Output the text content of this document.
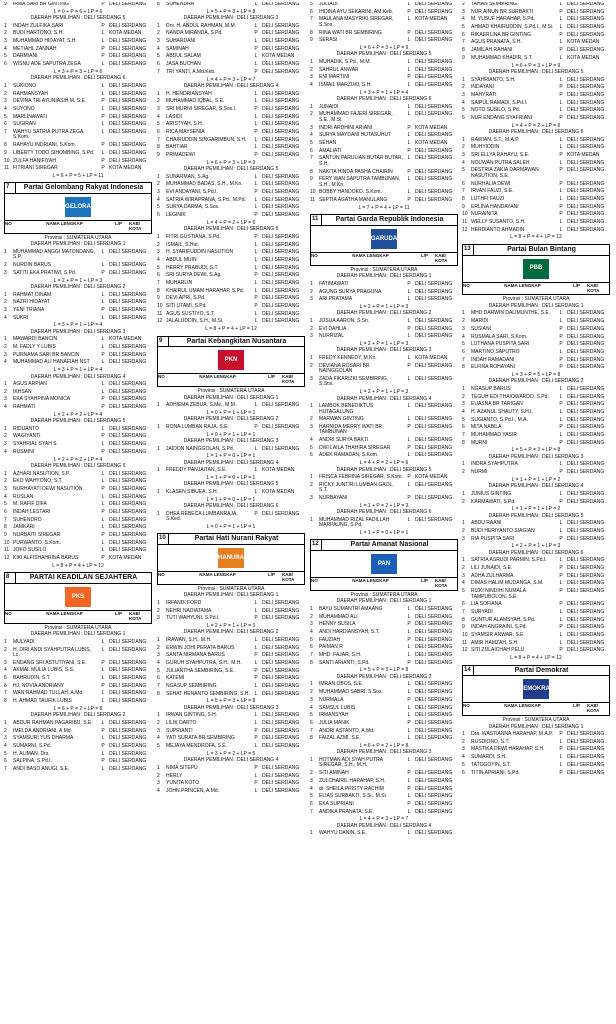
9	IRMA SARI BR GINTING	P DELI SERDANG
L = 0 + P = 6 + LP = 6
DAERAH PEMILIHAN : DELI SERDANG 5
1	INDAH ZULFIKA SARI	P DELI SERDANG
2	BUDI HARTONO, S.H.	L KOTA MEDAN
3	MUHAMMAD HIDAYAT, S.H.	L DELI SERDANG
4	METIAHL ZANNAH	P DELI SERDANG
5	DARMIANI	P DELI SERDANG
6	WISNU ADE SAPUTRA ZEGA	L DELI SERDANG
L = 3 + P = 3 + LP = 6
DAERAH PEMILIHAN : DELI SERDANG 6
1	SUKIONO	L DELI SERDANG
2	RAHMANSYAH	L DELI SERDANG
3	DEVINA TRI AYUNIASIH M, S.E.	P DELI SERDANG
4	SUYONO	L DELI SERDANG
5	MARLINAWATI	P DELI SERDANG
6	SUGIRAN	L DELI SERDANG
7	WAHYU SATRIA PUTRA ZEGA, S.Kom.
L DELI SERDANG
8	RAHAYU INDRIANI, S.Kom.	P DELI SERDANG
9	LIBERTY TODO SIHOMBING, S.Pd.	L DELI SERDANG
10 ZULFA HANIFIYAH	P DELI SERDANG
11 FITRIANI SIREGAR	P KOTA MEDAN
L = 6 + P = 5 + LP = 11
7	Partai Gelombang Rakyat Indonesia
GELORA
NO	NAMA LENGKAP	L/P	KAB/ KOTA
Provinsi : SUMATERA UTARA
DAERAH PEMILIHAN : DELI SERDANG 1
1	MUHAMMAD ANGGI MATONDANG, S.P.
L DELI SERDANG
2	NURDIN BARUS	L DELI SERDANG
3	SATITI EKA PRATIWI, S.Pd.	P DELI SERDANG
L = 2 + P = 1 + LP = 3
DAERAH PEMILIHAN : DELI SERDANG 2
1	RAHMAT DINAM	L DELI SERDANG
2	NAZRI HIDAYAT	L DELI SERDANG
3	YENI TRIANA	P DELI SERDANG
4	SUKRI	L DELI SERDANG
L = 3 + P = 1 + LP = 4
DAERAH PEMILIHAN : DELI SERDANG 3
1	MAWARDI BANCIN	L KOTA MEDAN
2	M. FADLY Y LUBIS	L DELI SERDANG
3	PURNAMA SARI BR BANCIN	P DELI SERDANG
4	MUHAMMAD ALI HANAFIAH NST	L DELI SERDANG
L = 3 + P = 1 + LP = 4
DAERAH PEMILIHAN : DELI SERDANG 4
1	AGUS ARPIAN	L DELI SERDANG
2	IKHSAN	L DELI SERDANG
3	EKA SYAHPINA MONICA	P DELI SERDANG
4	RAHMATI	P DELI SERDANG
L = 2 + P = 2 + LP = 4
DAERAH PEMILIHAN : DELI SERDANG 5
1	RIDUANTO	L DELI SERDANG
2	WAGIYANTI	P DELI SERDANG
3	SYAHRIAL SYAH S	L DELI SERDANG
4	RUSMINI	P DELI SERDANG
L = 2 + P = 2 + LP = 4
DAERAH PEMILIHAN : DELI SERDANG 6
1	AZHARI NASUTION, S.P.	L DELI SERDANG
2	EKO WAHYONO, S.T.	L DELI SERDANG
3	NURHAYATI DEWI NASUTION	P DELI SERDANG
4	RUSLAN	L DELI SERDANG
5	M. RAFIF DIFA	L DELI SERDANG
6	INDAH LESTARI	P DELI SERDANG
7	SUHENDRO	L DELI SERDANG
8	JAMKARI	L DELI SERDANG
9	NURBAITI SIREGAR	P DELI SERDANG
10 PURWANTO, S.Kom.	L DELI SERDANG
11 JOKO SUSILO	L DELI SERDANG
12 KIKI ALFISHAHRINA BARUS	P KOTA MEDAN
L = 8 + P = 4 + LP = 12
8	PARTAI KEADILAN SEJAHTERA
PKS
NO	NAMA LENGKAP	L/P	KAB/ KOTA
Provinsi : SUMATERA UTARA
DAERAH PEMILIHAN : DELI SERDANG 1
1	MULYADI	L DELI SERDANG
2	H. DIRI ANDI SYAHPUTRA LUBIS, Lc.
L DELI SERDANG
3	ENDANG SRI ASTUTIYANI, S.E.	P DELI SERDANG
4	AKMAL MULIA LUBIS, S.S.	L DELI SERDANG
5	BAHRUDIN, S.T.	L DELI SERDANG
6	HJ. NOVIA ANDRIANY	P DELI SERDANG
7	WAN RAHMAD TULLAH, A.Md.	L DELI SERDANG
8	H. AHMAD TAUFIK LUBIS	L DELI SERDANG
L = 6 + P = 2 + LP = 8
DAERAH PEMILIHAN : DELI SERDANG 2
1	ABDUR RAHMAN PAGARIBU, S.E.	L DELI SERDANG
2	IMELDA ANDRIANI, A.Md.	P DELI SERDANG
3	SYAMSURI YUS DHARMA	L DELI SERDANG
4	SUMARNI, S.Pd.	P DELI SERDANG
5	H. ALIMAN, Drs.	L DELI SERDANG
6	SALPINA, S.Pd.I.	P DELI SERDANG
7	ANDI BASO ANUGI, S.E.	L DELI SERDANG
8	SUHENDRA	L DELI SERDANG
L = 5 + P = 3 + LP = 8
DAERAH PEMILIHAN : DELI SERDANG 3
1	Drs. H. ABDUL RAHMAN, M.M.	L DELI SERDANG
2	NANDA MIRANDA, S.Pd.	P DELI SERDANG
3	SUHARDANI	L DELI SERDANG
4	SAMINAH	P DELI SERDANG
5	ABDUL SALAM	L KOTA MEDAN
6	JASA BUCHAN	L DELI SERDANG
7	TRI YANTI, A.Md.Keb.	P DELI SERDANG
L = 4 + P = 3 + LP = 7
DAERAH PEMILIHAN : DELI SERDANG 4
1	H. HENDRIANSYAH	L DELI SERDANG
2	MUHAMMAD IQBAL, S.E.	L DELI SERDANG
3	SRI MURNI SIREGAR, S.Sos.I.	P DELI SERDANG
4	LASIDI	L DELI SERDANG
5	ARISTYAH, S.H.	L DELI SERDANG
6	RICA MAYSENIA	P DELI SERDANG
7	CHAIRUDDIN SINGARIMBUN, S.H.	L DELI SERDANG
8	BAHTIAR	L DELI SERDANG
9	PRIMADEWI	P DELI SERDANG
L = 6 + P = 3 + LP = 9
DAERAH PEMILIHAN : DELI SERDANG 5
1	SUNARMAN, S.Ag.	L DELI SERDANG
2	MUHAMMAD BADAS, S.H., M.Kn.	L DELI SERDANG
3	EVI ANDAYANI, S.Pd.I.	P DELI SERDANG
4	SATRIA WIRAPRANA, S.Pd., M.Pd.	L DELI SERDANG
5	SURYA DARMA, S.Sos.	L DELI SERDANG
6	LEGINIK	P DELI SERDANG
L = 4 + P = 2 + LP = 6
DAERAH PEMILIHAN : DELI SERDANG 6
1	FITRI GUSTIANA, S.Pd.	P DELI SERDANG
2	ISMAIL, S.Hut.	L DELI SERDANG
3	H. SYARIFUDDIN NASUTION	L DELI SERDANG
4	ABDUL MUIN	L DELI SERDANG
5	HERRY PRABUDI, S.T.	L DELI SERDANG
6	SRI SURYA DEWI, S.Ag.	P DELI SERDANG
7	MUHARLIN	L DELI SERDANG
8	KHAIRUL UMAM HARAHAP, S.Pd.	L DELI SERDANG
9	DEVI APRI, S.Pd.	P DELI SERDANG
10 SITI UTAMI, S.Pd.	P DELI SERDANG
11 AGUS SUSTIYO, S.T.	L DELI SERDANG
12 JALALUDDIN, S.H., M.Si.	L DELI SERDANG
L = 8 + P = 4 + LP = 12
9	Partai Kebangkitan Nusantara
PKN
NO	NAMA LENGKAP	L/P	KAB/ KOTA
Provinsi : SUMATERA UTARA
DAERAH PEMILIHAN : DELI SERDANG 1
1	ADHIEMA ZEBUA, S.Me., M.M.	L DELI SERDANG
L = 0 + P = 1 + LP = 1
DAERAH PEMILIHAN : DELI SERDANG 2
1	RONA LUMBAN RAJA, S.E.	P DELI SERDANG
L = 0 + P = 1 + LP = 1
DAERAH PEMILIHAN : DELI SERDANG 3
1	JAIDON NAINGGOLAN, S.Pd.	L DELI SERDANG
L = 1 + P = 0 + LP = 1
DAERAH PEMILIHAN : DELI SERDANG 4
1	FREDDY PANJAITAN, S.E.	L KOTA MEDAN
L = 1 + P = 0 + LP = 1
DAERAH PEMILIHAN : DELI SERDANG 5
1	KLASEN SIBUEA, S.H.	L KOTA MEDAN
L = 1 + P = 0 + LP = 1
DAERAH PEMILIHAN : DELI SERDANG 6
1	DHEA REBECA LUMBANRAJA, S.Ked.
P DELI SERDANG
L = 0 + P = 1 + LP = 1
10	Partai Hati Nurani Rakyat
HANURA
NO	NAMA LENGKAP	L/P	KAB/ KOTA
Provinsi : SUMATERA UTARA
DAERAH PEMILIHAN : DELI SERDANG 1
1	IRFANDI FORD	L DELI SERDANG
2	NEHRI NADIATAMA	L DELI SERDANG
3	TUTI WAHYUNI, S.Pd.I.	P DELI SERDANG
L = 2 + P = 1 + LP = 3
DAERAH PEMILIHAN : DELI SERDANG 2
1	IRAWAN, S.H., M.H.	L DELI SERDANG
2	ERWIN JOHI PERATA BARUS	L DELI SERDANG
3	SANTA NIRMANA BARUS	P DELI SERDANG
4	GURUH SYAHPUTRA, S.H., M.H.	L DELI SERDANG
5	JULIANTHA SEMBIRING, S.E.	P DELI SERDANG
6	KATEMI	P DELI SERDANG
7	NGASUP SEMBIRING	L DELI SERDANG
8	SEHAT HENANTO SEMBIRING, S.H. L DELI SERDANG
L = 5 + P = 3 + LP = 8
DAERAH PEMILIHAN : DELI SERDANG 3
1	IRWAN GINTING, S.H.	L DELI SERDANG
2	LILIK DARTO	L DELI SERDANG
3	SUPRIANTI	P DELI SERDANG
4	YATI SURATA BR SEMBIRING	P DELI SERDANG
5	MEJAYA MENDROFA, S.E.	L DELI SERDANG
L = 3 + P = 2 + LP = 5
DAERAH PEMILIHAN : DELI SERDANG 4
1	NIMA SITEPU	P DELI SERDANG
2	HERLY	L DELI SERDANG
3	YUNITA KOTO	P DELI SERDANG
4	JOHN PRINCEN, A.Md.	L DELI SERDANG
5	JULIADI	L DELI SERDANG
6	IHDINA AYU SEKARINI, AM.Keb.	P DELI SERDANG
7	MAULANA MASYRIKI SIREGAR, S.Sos.
L KOTA MEDAN
8	RINA WATI BR SEMBIRING	P DELI SERDANG
9	SERASI	L DELI SERDANG
L = 6 + P = 3 + LP = 9
DAERAH PEMILIHAN : DELI SERDANG 5
1	MUHADIK, S.Pd., M.M.	L DELI SERDANG
2	SAHRUL ANWAR	L DELI SERDANG
3	ENI MARTINI	P DELI SERDANG
4	ISMAIL MARZUKI, S.H.	L DELI SERDANG
L = 3 + P = 1 + LP = 4
DAERAH PEMILIHAN : DELI SERDANG 6
1	JUNAIDI	L DELI SERDANG
2	MUHAMMAD FAJERI SIREGAR, S.E., M.Si.
L DELI SERDANG
3	INDRI ARDHINI ARIANI	P KOTA MEDAN
4	SURYA MAYDANI HUTASUHUT	L DELI SERDANG
5	SEHAN	L KOTA MEDAN
6	AMALIATI	P DELI SERDANG
7	SANTUN PARULIAN BUTAR BUTAR, S.H.
L DELI SERDANG
8	NAKITA HINDA PASHA CHAIRIN	P DELI SERDANG
9	FERY WAN SAPUTRA TAMBUNAN, S.H., M.Kn.
L DELI SERDANG
10 BOBBY HANDOKO, S.Kom.	L DELI SERDANG
11 SEPTIA AGATHA MANULANG	P DELI SERDANG
L = 7 + P = 4 + LP = 11
11	Partai Garda Republik Indonesia
GARUDA
NO	NAMA LENGKAP	L/P	KAB/ KOTA
Provinsi : SUMATERA UTARA
DAERAH PEMILIHAN : DELI SERDANG 1
1	FATIMAWATI	P DELI SERDANG
2	AGUNG SURYA PRAGUNA	L DELI SERDANG
3	ARI PRATAMA	L DELI SERDANG
L = 2 + P = 1 + LP = 3
DAERAH PEMILIHAN : DELI SERDANG 2
1	JOSUA AARON, S.Sn.	L DELI SERDANG
2	EVI DAHLIA	P DELI SERDANG
3	NURRIZAL	L DELI SERDANG
L = 2 + P = 1 + LP = 3
DAERAH PEMILIHAN : DELI SERDANG 3
1	FREDY KENNEDY, M.Kn.	L KOTA MEDAN
2	DEVIANA ROSARI BR NAINGGOLAN
P DELI SERDANG
3	ZADA FIKARIZKI SEMBIRING, S.Sos.
L DELI SERDANG
L = 2 + P = 1 + LP = 3
DAERAH PEMILIHAN : DELI SERDANG 4
1	LAMBOK BENEDIKTUS HUTAGALUNG
L DELI SERDANG
2	MARWAN GINTING	L DELI SERDANG
3	HARNIDA MERRY WATI BR TAMBUNAN
P DELI SERDANG
4	ANDRI SURYA BAKTI	L DELI SERDANG
5	DWI LAILA THAHIRA SIREGAR	P DELI SERDANG
6	ADEK RAMADAN, S.Kom.	L DELI SERDANG
L = 4 + P = 2 + LP = 6
DAERAH PEMILIHAN : DELI SERDANG 5
1	FRISCA FEBRINA SIREGAR, S.Kom. P KOTA MEDAN
2	RICKY JUNTIRI LUMBAN GAOL, S.T.
L DELI SERDANG
3	NURBAYANI	P DELI SERDANG
L = 1 + P = 2 + LP = 3
DAERAH PEMILIHAN : DELI SERDANG 6
1	MUHAMMAD RIZAL FADILLAH MARPAUNG, S.Pd.
L DELI SERDANG
L = 1 + P = 0 + LP = 1
12	Partai Amanat Nasional
PAN
NO	NAMA LENGKAP	L/P	KAB/ KOTA
Provinsi : SUMATERA UTARA
DAERAH PEMILIHAN : DELI SERDANG 1
1	BAYU SUMANTRI AMAANG	L DELI SERDANG
2	MUHAMMAD ALI	L DELI SERDANG
3	HENNY SUSILA	P DELI SERDANG
4	ANDI HARDIANSYAH, S.T.	L DELI SERDANG
5	FAUZIAH	P DELI SERDANG
6	PAIMAN R	L DELI SERDANG
7	MHD. FAJAR, S.H.	L DELI SERDANG
8	SANTI ARIANTI, S.Pd.	P DELI SERDANG
L = 5 + P = 3 + LP = 8
DAERAH PEMILIHAN : DELI SERDANG 2
1	IMRAN OBOS, S.E.	L DELI SERDANG
2	MUHAMMAD SABRI, S.Sos.	L DELI SERDANG
3	NURMALA	P DELI SERDANG
4	SAMSUL LUBIS	L DELI SERDANG
5	IRMANSYAH	L DELI SERDANG
6	JULIA MANIK	P DELI SERDANG
7	ANDRI ASTANTO, A.Md.	L DELI SERDANG
8	FAIZAL AZMI, S.E.	L DELI SERDANG
L = 6 + P = 2 + LP = 8
DAERAH PEMILIHAN : DELI SERDANG 3
1	HOTMAN ADI SYAH PUTRA SIREGAR, S.H., M.H.
L DELI SERDANG
2	SITI AMINAH	P DELI SERDANG
3	ZULCHAIRIL HARAHAP, S.H.	L DELI SERDANG
4	dr. SHEILA PRISTY RACHIM	P DELI SERDANG
5	ELIAS SURBAKTI, S.Si., M.Si.	L DELI SERDANG
6	EKA SUPRIANI	P DELI SERDANG
7	ANDIKA PRANATA, S.E.	L DELI SERDANG
L = 4 + P = 3 + LP = 7
DAERAH PEMILIHAN : DELI SERDANG 4
1	WAHYU DANIN, S.E.	L DELI SERDANG
2	TAHAN SEMBIRING	L DELI SERDANG
3	NUR AINUN BR SURBAKTI	P DELI SERDANG
4	M. YUSUF HARAHAP, S.Pd.	L DELI SERDANG
5	AHMAD KHAIRUDDIN, S.Pd.I., M.Si.	L DELI SERDANG
6	RIKAERLINA BR GINTING	P DELI SERDANG
7	AGUS PRANATA, S.H.	L KOTA MEDAN
8	JAMILAH RAHANI	P DELI SERDANG
9	MUHAMMAD KHADIR, S.T.	L KOTA MEDAN
L = 6 + P = 3 + LP = 9
DAERAH PEMILIHAN : DELI SERDANG 5
1	SYAHRIANTO, S.H.	L DELI SERDANG
2	INDAYANI	P DELI SERDANG
3	MAHYRATI	P DELI SERDANG
4	SAIPUL RAMADI, S.Pd.I.	L DELI SERDANG
5	NOTO SUSILO, S.Pd.	L DELI SERDANG
6	NUR ENDANG SYAFRIANI	P DELI SERDANG
L = 4 + P = 2 + LP = 6
DAERAH PEMILIHAN : DELI SERDANG 6
1	RAWIAN, S.T., M.A.P.	L DELI SERDANG
2	MUHYIDDIN	L DELI SERDANG
3	SRI ELLYA RAHAYU, S.E.	P KOTA MEDAN
4	NOUWAN PUTRA SALEH	L DELI SERDANG
5	DESTRIA ZAKIA DARMAWAN NASUTION, S.E.
P DELI SERDANG
6	NURHALIA DEWI	P DELI SERDANG
7	IRVAN FAUZI, S.E.	L DELI SERDANG
8	LUTHFI FAUZI	L DELI SERDANG
9	ERLINA HANDAYANI	P DELI SERDANG
10 NURAINITA	P DELI SERDANG
11 WELLY SUSANTO, S.H.	L DELI SERDANG
12 HERDIANTO AHMADIN	L DELI SERDANG
L = 8 + P = 4 + LP = 12
13	Partai Bulan Bintang
PBB
NO	NAMA LENGKAP	L/P	KAB/ KOTA
Provinsi : SUMATERA UTARA
DAERAH PEMILIHAN : DELI SERDANG 1
1	MHD DARWIN DALIMUNTHE, S.E.	L DELI SERDANG
2	MARIDI	L DELI SERDANG
3	SUSIANI	P DELI SERDANG
4	RUSMALA SARI, S.Kom.	P DELI SERDANG
5	LUTHANA PUSPITA SARI	P DELI SERDANG
6	MARTINO SAPUTRO	L DELI SERDANG
7	INDAH RAMADANI	P DELI SERDANG
8	ELFINA ROHAYANI	P DELI SERDANG
L = 3 + P = 5 + LP = 8
DAERAH PEMILIHAN : DELI SERDANG 2
1	NGASUP BARUS	L DELI SERDANG
2	TEGUH EDI THAIOWARDO, S.Pd.	L DELI SERDANG
3	EUASNA BR TARIGAN	P DELI SERDANG
4	H. AZANUL SHAUTY, S.H.I.	L DELI SERDANG
5	SUGIANTO, S.Pd.I., M.A.	L DELI SERDANG
6	MITA NABILA	P DELI SERDANG
7	MUHAMMAD YASIR	L DELI SERDANG
8	MURNI	P DELI SERDANG
L = 5 + P = 3 + LP = 8
DAERAH PEMILIHAN : DELI SERDANG 3
1	INDRA SYAHPUTRA	L DELI SERDANG
2	NURMI	P DELI SERDANG
L = 1 + P = 1 + LP = 2
DAERAH PEMILIHAN : DELI SERDANG 4
1	JUNIUS GINTING	L DELI SERDANG
2	KARMAWATI, S.Pd.	P DELI SERDANG
L = 1 + P = 1 + LP = 2
DAERAH PEMILIHAN : DELI SERDANG 5
1	ABDU RAANI	L DELI SERDANG
2	BUDI HERIYANTO SIAGIAN	L DELI SERDANG
3	RIA PUSPITA SARI	P DELI SERDANG
L = 2 + P = 1 + LP = 3
DAERAH PEMILIHAN : DELI SERDANG 6
1	SATRIA ASRUDI PARMIN, S.Pd.I.	L DELI SERDANG
2	LILI JUNAIDI, S.E.	P DELI SERDANG
3	ADHA ZULHARMA	P DELI SERDANG
4	DIMAS HALIM MUDANGA, S.M.	L DELI SERDANG
5	RIZKI NINDIHI NUMALA TAMPUBOLON, S.E.
P DELI SERDANG
6	LIA SOFIANA	P DELI SERDANG
7	SURYADI	L DELI SERDANG
8	GUNTUR ALAMSYAH, S.Pd.	L DELI SERDANG
9	INDAH ANGRAINI, S.Pd.	P DELI SERDANG
10 SYAMSIR ANWAR, S.E.	L DELI SERDANG
11 AMIR HAMZAH, S.H.	L DELI SERDANG
12 SITI ZULAICHAH PELU	P DELI SERDANG
L = 8 + P = 4 + LP = 12
14	Partai Demokrat
DEMOKRAT
NO	NAMA LENGKAP	L/P	KAB/ KOTA
Provinsi : SUMATERA UTARA
DAERAH PEMILIHAN : DELI SERDANG 1
1	Dra. WASTIANNA HARAHAP, M.A.P.	P DELI SERDANG
2	RUSDIONO, S.T.	L DELI SERDANG
3	MASTIKA DEWI HARAHAP, S.H.	P DELI SERDANG
4	SUMARDI, S.H.	L DELI SERDANG
5	TATOGOYIN, S.T.	L DELI SERDANG
6	TITIN APRIANI, S.Pd.	P DELI SERDANG
